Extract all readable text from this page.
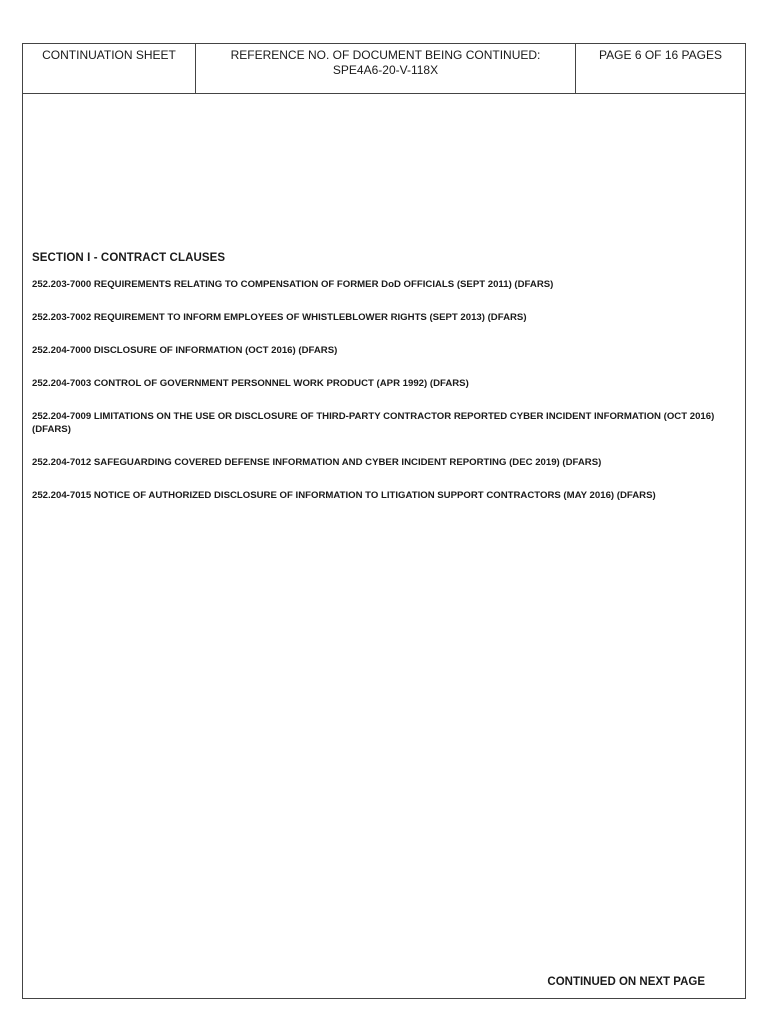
CONTINUATION SHEET	REFERENCE NO. OF DOCUMENT BEING CONTINUED:
SPE4A6-20-V-118X
PAGE 6 OF 16 PAGES
SECTION I - CONTRACT CLAUSES
252.203-7000 REQUIREMENTS RELATING TO COMPENSATION OF FORMER DoD OFFICIALS (SEPT 2011) (DFARS)
252.203-7002 REQUIREMENT TO INFORM EMPLOYEES OF WHISTLEBLOWER RIGHTS (SEPT 2013) (DFARS)
252.204-7000 DISCLOSURE OF INFORMATION (OCT 2016) (DFARS)
252.204-7003 CONTROL OF GOVERNMENT PERSONNEL WORK PRODUCT (APR 1992) (DFARS)
252.204-7009 LIMITATIONS ON THE USE OR DISCLOSURE OF THIRD-PARTY CONTRACTOR REPORTED CYBER INCIDENT INFORMATION (OCT 2016) (DFARS)
252.204-7012 SAFEGUARDING COVERED DEFENSE INFORMATION AND CYBER INCIDENT REPORTING (DEC 2019) (DFARS)
252.204-7015 NOTICE OF AUTHORIZED DISCLOSURE OF INFORMATION TO LITIGATION SUPPORT CONTRACTORS (MAY 2016) (DFARS)
CONTINUED ON NEXT PAGE
